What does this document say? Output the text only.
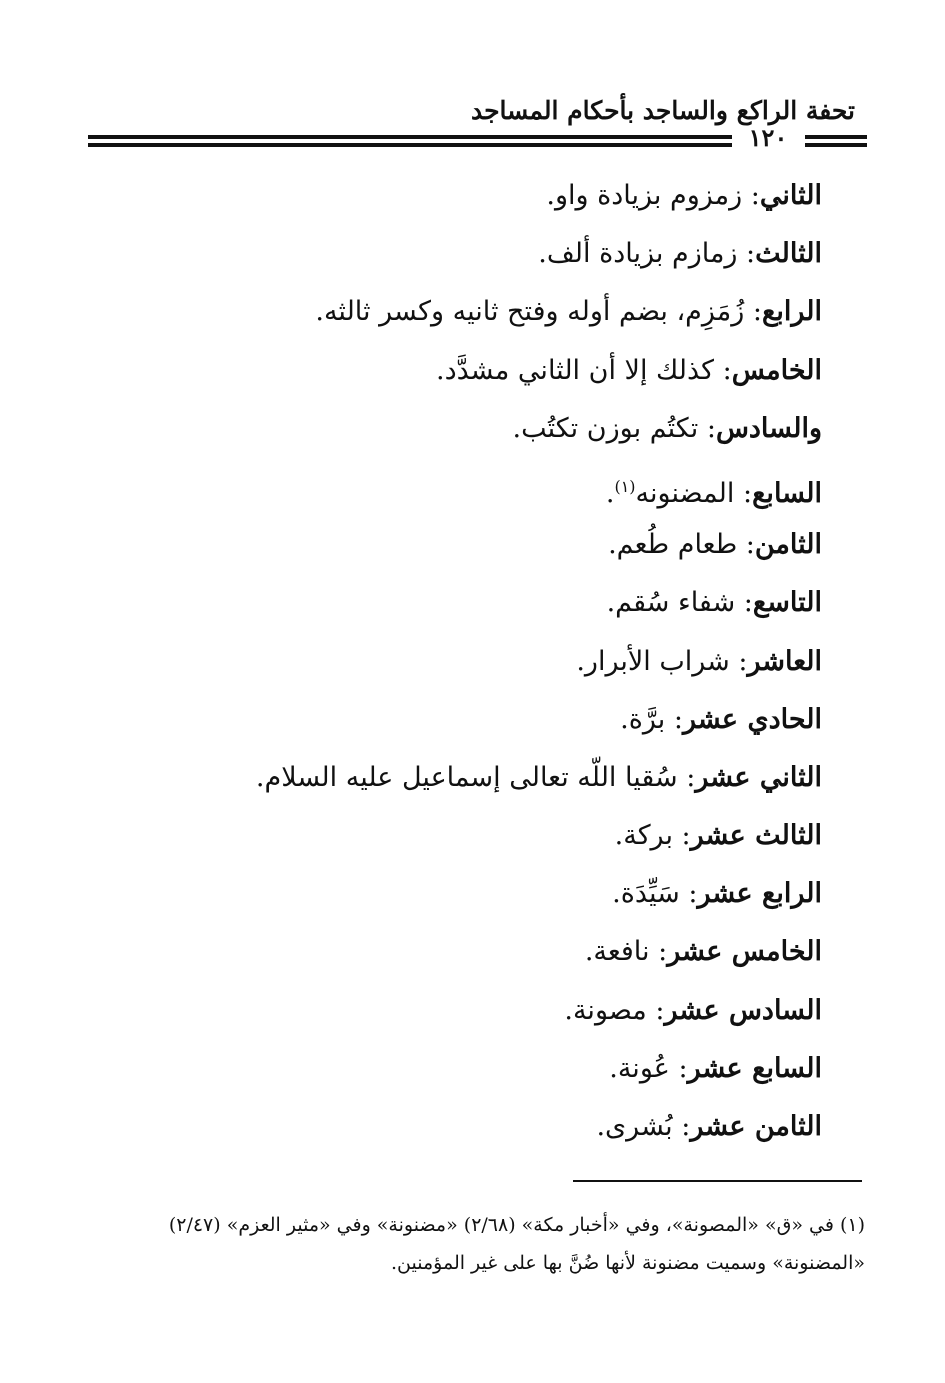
تحفة الراكع والساجد بأحكام المساجد
١٢٠
الثاني: زمزوم بزيادة واو.
الثالث: زمازم بزيادة ألف.
الرابع: زُمَزِم، بضم أوله وفتح ثانيه وكسر ثالثه.
الخامس: كذلك إلا أن الثاني مشدَّد.
والسادس: تكتُم بوزن تكتُب.
السابع: المضنونه$^{(١)}$.
الثامن: طعام طُعم.
التاسع: شفاء سُقم.
العاشر: شراب الأبرار.
الحادي عشر: برَّة.
الثاني عشر: سُقيا اللّه تعالى إسماعيل عليه السلام.
الثالث عشر: بركة.
الرابع عشر: سَيِّدَة.
الخامس عشر: نافعة.
السادس عشر: مصونة.
السابع عشر: عُونة.
الثامن عشر: بُشرى.
(١) في «ق» «المصونة»، وفي «أخبار مكة» (٢/٦٨) «مضنونة» وفي «مثير العزم» (٢/٤٧)
«المضنونة» وسميت مضنونة لأنها ضُنَّ بها على غير المؤمنين.
